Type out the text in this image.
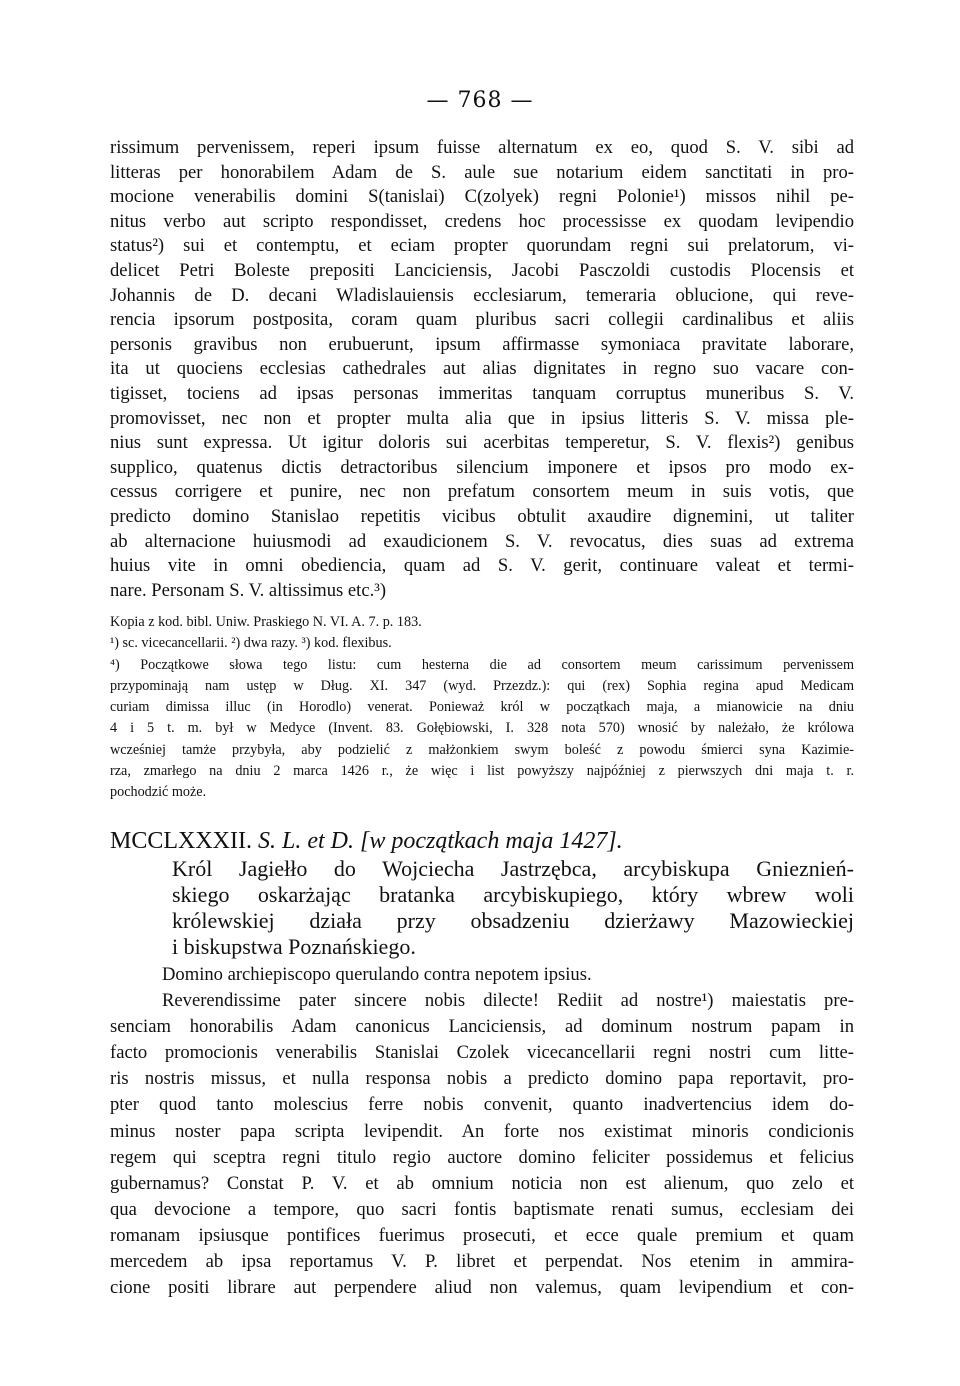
— 768 —
rissimum pervenissem, reperi ipsum fuisse alternatum ex eo, quod S. V. sibi ad
litteras per honorabilem Adam de S. aule sue notarium eidem sanctitati in pro-
mocione venerabilis domini S(tanislai) C(zolyek) regni Polonie¹) missos nihil pe-
nitus verbo aut scripto respondisset, credens hoc processisse ex quodam levipendio
status²) sui et contemptu, et eciam propter quorundam regni sui prelatorum, vi-
delicet Petri Boleste prepositi Lanciciensis, Jacobi Pasczoldi custodis Plocensis et
Johannis de D. decani Wladislauiensis ecclesiarum, temeraria oblucione, qui reve-
rencia ipsorum postposita, coram quam pluribus sacri collegii cardinalibus et aliis
personis gravibus non erubuerunt, ipsum affirmasse symoniaca pravitate laborare,
ita ut quociens ecclesias cathedrales aut alias dignitates in regno suo vacare con-
tigisset, tociens ad ipsas personas immeritas tanquam corruptus muneribus S. V.
promovisset, nec non et propter multa alia que in ipsius litteris S. V. missa ple-
nius sunt expressa. Ut igitur doloris sui acerbitas temperetur, S. V. flexis²) genibus
supplico, quatenus dictis detractoribus silencium imponere et ipsos pro modo ex-
cessus corrigere et punire, nec non prefatum consortem meum in suis votis, que
predicto domino Stanislao repetitis vicibus obtulit axaudire dignemini, ut taliter
ab alternacione huiusmodi ad exaudicionem S. V. revocatus, dies suas ad extrema
huius vite in omni obediencia, quam ad S. V. gerit, continuare valeat et termi-
nare. Personam S. V. altissimus etc.³)
Kopia z kod. bibl. Uniw. Praskiego N. VI. A. 7. p. 183.
¹) sc. vicecancellarii. ²) dwa razy. ³) kod. flexibus.
⁴) Początkowe słowa tego listu: cum hesterna die ad consortem meum carissimum pervenissem
przypominają nam ustęp w Dług. XI. 347 (wyd. Przezdz.): qui (rex) Sophia regina apud Medicam
curiam dimissa illuc (in Horodlo) venerat. Ponieważ król w początkach maja, a mianowicie na dniu
4 i 5 t. m. był w Medyce (Invent. 83. Gołębiowski, I. 328 nota 570) wnosić by należało, że królowa
wcześniej tamże przybyła, aby podzielić z małżonkiem swym boleść z powodu śmierci syna Kazimie-
rza, zmarłego na dniu 2 marca 1426 r., że więc i list powyższy najpóźniej z pierwszych dni maja t. r.
pochodzić może.
MCCLXXXII. S. L. et D. [w początkach maja 1427].
Król Jagiełło do Wojciecha Jastrzębca, arcybiskupa Gnieznień-
skiego oskarżając bratanka arcybiskupiego, który wbrew woli
królewskiej działa przy obsadzeniu dzierżawy Mazowieckiej
i biskupstwa Poznańskiego.
Domino archiepiscopo querulando contra nepotem ipsius.
Reverendissime pater sincere nobis dilecte! Rediit ad nostre¹) maiestatis pre-
senciam honorabilis Adam canonicus Lanciciensis, ad dominum nostrum papam in
facto promocionis venerabilis Stanislai Czolek vicecancellarii regni nostri cum litte-
ris nostris missus, et nulla responsa nobis a predicto domino papa reportavit, pro-
pter quod tanto molescius ferre nobis convenit, quanto inadvertencius idem do-
minus noster papa scripta levipendit. An forte nos existimat minoris condicionis
regem qui sceptra regni titulo regio auctore domino feliciter possidemus et felicius
gubernamus? Constat P. V. et ab omnium noticia non est alienum, quo zelo et
qua devocione a tempore, quo sacri fontis baptismate renati sumus, ecclesiam dei
romanam ipsiusque pontifices fuerimus prosecuti, et ecce quale premium et quam
mercedem ab ipsa reportamus V. P. libret et perpendat. Nos etenim in ammira-
cione positi librare aut perpendere aliud non valemus, quam levipendium et con-
